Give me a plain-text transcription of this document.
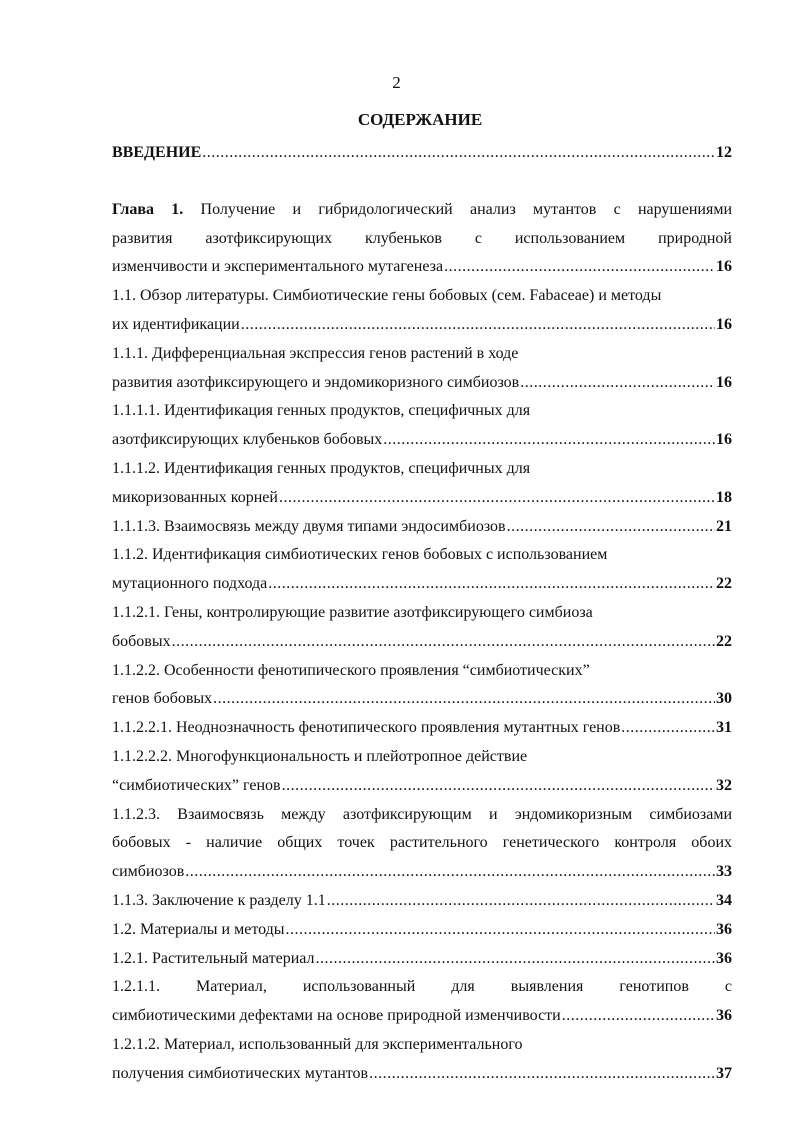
2
СОДЕРЖАНИЕ
ВВЕДЕНИЕ .....	12
Глава 1. Получение и гибридологический анализ мутантов с нарушениями
развития азотфиксирующих клубеньков с использованием природной
изменчивости и экспериментального мутагенеза .....	16
1.1. Обзор литературы. Симбиотические гены бобовых (сем. Fabaceae) и методы
их идентификации .....	16
1.1.1. Дифференциальная экспрессия генов растений в ходе
развития азотфиксирующего и эндомикоризного симбиозов .....	16
1.1.1.1. Идентификация генных продуктов, специфичных для
азотфиксирующих клубеньков бобовых .....	16
1.1.1.2. Идентификация генных продуктов, специфичных для
микоризованных корней .....	18
1.1.1.3. Взаимосвязь между двумя типами эндосимбиозов .....	21
1.1.2. Идентификация симбиотических генов бобовых с использованием
мутационного подхода .....	22
1.1.2.1. Гены, контролирующие развитие азотфиксирующего симбиоза
бобовых .....	22
1.1.2.2. Особенности фенотипического проявления “симбиотических”
генов бобовых .....	30
1.1.2.2.1. Неоднозначность фенотипического проявления мутантных генов .....	31
1.1.2.2.2. Многофункциональность и плейотропное действие
“симбиотических” генов .....	32
1.1.2.3. Взаимосвязь между азотфиксирующим и эндомикоризным симбиозами
бобовых - наличие общих точек растительного генетического контроля обоих
симбиозов .....	33
1.1.3. Заключение к разделу 1.1 .....	34
1.2. Материалы и методы .....	36
1.2.1. Растительный материал .....	36
1.2.1.1. Материал, использованный для выявления генотипов с
симбиотическими дефектами на основе природной изменчивости .....	36
1.2.1.2. Материал, использованный для экспериментального
получения симбиотических мутантов .....	37
